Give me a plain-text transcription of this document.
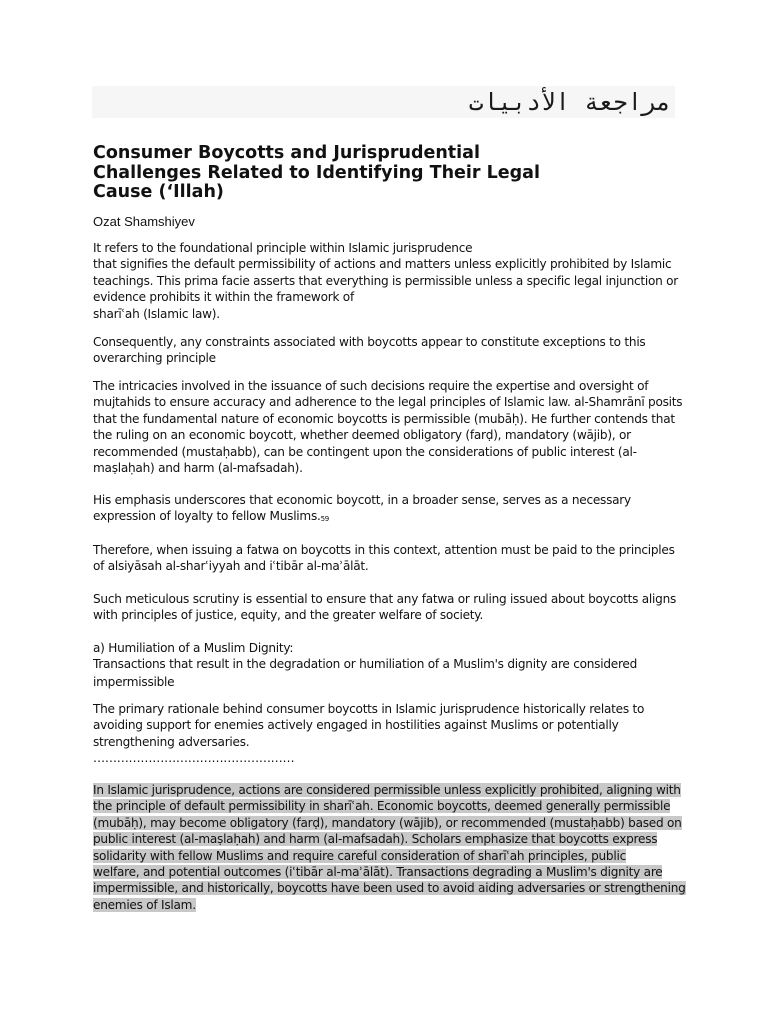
مراجعة الأدبيات
Consumer Boycotts and Jurisprudential
Challenges Related to Identifying Their Legal
Cause (‘Illah)
Ozat Shamshiyev

It refers to the foundational principle within Islamic jurisprudence
that signifies the default permissibility of actions and matters unless explicitly prohibited by Islamic
teachings. This prima facie asserts that everything is permissible unless a specific legal injunction or
evidence prohibits it within the framework of
sharīʿah (Islamic law).

Consequently, any constraints associated with boycotts appear to constitute exceptions to this
overarching principle

The intricacies involved in the issuance of such decisions require the expertise and oversight of
mujtahids to ensure accuracy and adherence to the legal principles of Islamic law. al-Shamrānī posits
that the fundamental nature of economic boycotts is permissible (mubāḥ). He further contends that
the ruling on an economic boycott, whether deemed obligatory (farḍ), mandatory (wājib), or
recommended (mustaḥabb), can be contingent upon the considerations of public interest (al-
maṣlaḥah) and harm (al-mafsadah).

His emphasis underscores that economic boycott, in a broader sense, serves as a necessary
expression of loyalty to fellow Muslims.59

Therefore, when issuing a fatwa on boycotts in this context, attention must be paid to the principles
of alsiyāsah al-sharʿiyyah and iʿtibār al-maʾālāt.

Such meticulous scrutiny is essential to ensure that any fatwa or ruling issued about boycotts aligns
with principles of justice, equity, and the greater welfare of society.

a) Humiliation of a Muslim Dignity:
Transactions that result in the degradation or humiliation of a Muslim's dignity are considered

impermissible

The primary rationale behind consumer boycotts in Islamic jurisprudence historically relates to
avoiding support for enemies actively engaged in hostilities against Muslims or potentially
strengthening adversaries.
……………………………………………

In Islamic jurisprudence, actions are considered permissible unless explicitly prohibited, aligning with
the principle of default permissibility in sharīʿah. Economic boycotts, deemed generally permissible
(mubāḥ), may become obligatory (farḍ), mandatory (wājib), or recommended (mustaḥabb) based on
public interest (al-maṣlaḥah) and harm (al-mafsadah). Scholars emphasize that boycotts express
solidarity with fellow Muslims and require careful consideration of sharīʿah principles, public
welfare, and potential outcomes (iʿtibār al-maʾālāt). Transactions degrading a Muslim's dignity are
impermissible, and historically, boycotts have been used to avoid aiding adversaries or strengthening
enemies of Islam.
